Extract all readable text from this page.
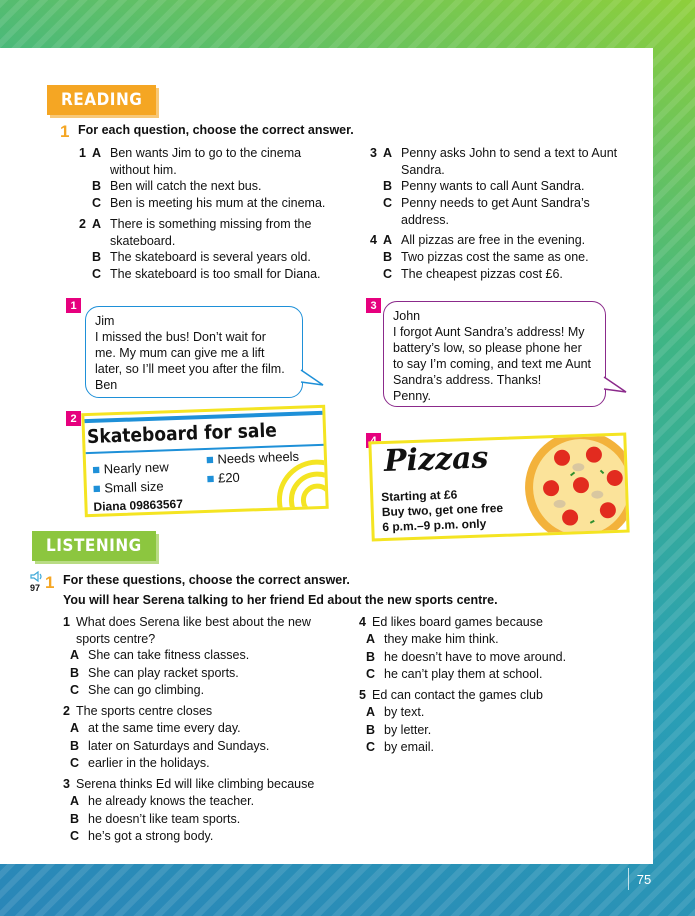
READING
1 For each question, choose the correct answer.
1 A Ben wants Jim to go to the cinema without him.
B Ben will catch the next bus.
C Ben is meeting his mum at the cinema.
2 A There is something missing from the skateboard.
B The skateboard is several years old.
C The skateboard is too small for Diana.
3 A Penny asks John to send a text to Aunt Sandra.
B Penny wants to call Aunt Sandra.
C Penny needs to get Aunt Sandra’s address.
4 A All pizzas are free in the evening.
B Two pizzas cost the same as one.
C The cheapest pizzas cost £6.
1
Jim
I missed the bus! Don’t wait for
me. My mum can give me a lift
later, so I’ll meet you after the film.
Ben
2
Skateboard for sale
■ Nearly new
■ Small size
Diana 09863567
■ Needs wheels
■ £20
3
John
I forgot Aunt Sandra’s address! My
battery’s low, so please phone her
to say I’m coming, and text me Aunt
Sandra’s address. Thanks!
Penny.
Pizzas
Starting at £6
Buy two, get one free
6 p.m.–9 p.m. only
LISTENING
97 1 For these questions, choose the correct answer.
You will hear Serena talking to her friend Ed about the new sports centre.
1 What does Serena like best about the new
sports centre?
A She can take fitness classes.
B She can play racket sports.
C She can go climbing.
2 The sports centre closes
A at the same time every day.
B later on Saturdays and Sundays.
C earlier in the holidays.
3 Serena thinks Ed will like climbing because
A he already knows the teacher.
B he doesn’t like team sports.
C he’s got a strong body.
4 Ed likes board games because
A they make him think.
B he doesn’t have to move around.
C he can’t play them at school.
5 Ed can contact the games club
A by text.
B by letter.
C by email.
75
